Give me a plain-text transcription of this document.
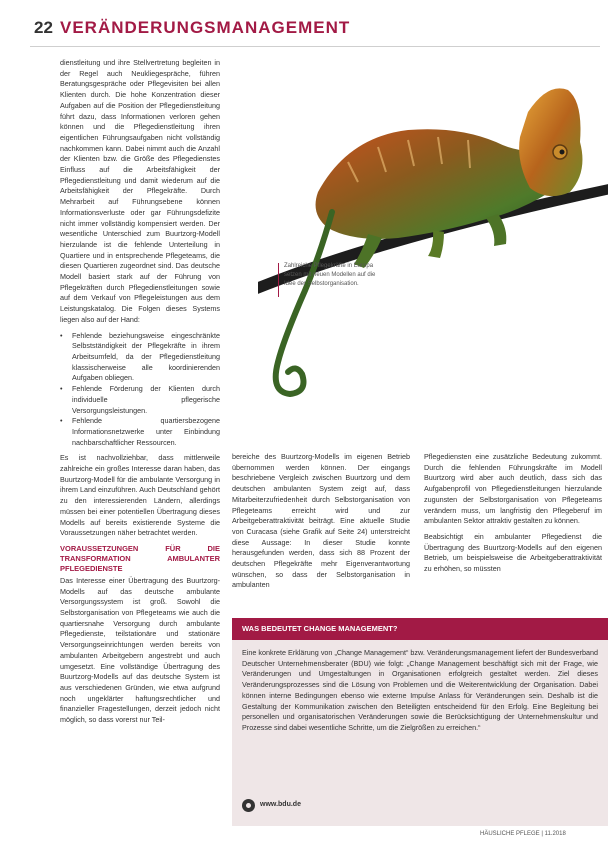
22 VERÄNDERUNGSMANAGEMENT
Zahlreiche Pflegekräfte in Europa setzen mit neuen Modellen auf die Idee der Selbstorganisation.

dienstleitung und ihre Stellvertretung begleiten in der Regel auch Neukliegespräche, führen Beratungsgespräche oder Pflegevisiten bei allen Klienten durch. Die hohe Konzentration dieser Aufgaben auf die Position der Pflegedienstleitung führt dazu, dass Informationen verloren gehen können und die Pflegedienstleitung ihren eigentlichen Führungsaufgaben nicht vollständig nachkommen kann. Dabei nimmt auch die Anzahl der Klienten bzw. die Größe des Pflegedienstes Einfluss auf die Arbeitsfähigkeit der Pflegedienstleitung und damit wiederum auf die Arbeitsfähigkeit der Pflegekräfte. Durch Mehrarbeit auf Führungsebene können Informationsverluste oder gar Führungsdefizite nicht immer vollständig kompensiert werden. Der wesentliche Unterschied zum Buurtzorg-Modell hierzulande ist die fehlende Unterteilung in Quartiere und in entsprechende Pflegeteams, die diesen Quartieren zugeordnet sind. Das deutsche Modell basiert stark auf der Führung von Pflegekräften durch Pflegedienstleitungen sowie auf dem Verkauf von Pflegeleistungen aus dem Leistungskatalog. Die Folgen dieses Systems liegen also auf der Hand:

• Fehlende beziehungsweise eingeschränkte Selbstständigkeit der Pflegekräfte in ihrem Arbeitsumfeld, da der Pflegedienstleitung klassischerweise alle koordinierenden Aufgaben obliegen.
• Fehlende Förderung der Klienten durch individuelle pflegerische Versorgungsleistungen.
• Fehlende quartiersbezogene Informationsnetzwerke unter Einbindung nachbarschaftlicher Ressourcen.

Es ist nachvollziehbar, dass mittlerweile zahlreiche ein großes Interesse daran haben, das Buurtzorg-Modell für die ambulante Versorgung in ihrem Land einzuführen. Auch Deutschland gehört zu den interessierenden Ländern, allerdings müssen bei einer potentiellen Übertragung dieses Modells auf bereits existierende Systeme die Voraussetzungen näher betrachtet werden.

VORAUSSETZUNGEN FÜR DIE TRANSFORMATION AMBULANTER PFLEGEDIENSTE

Das Interesse einer Übertragung des Buurtzorg-Modells auf das deutsche ambulante Versorgungssystem ist groß. Sowohl die Selbstorganisation von Pflegeteams wie auch die quartiersnahe Versorgung durch ambulante Pflegedienste, teilstationäre und stationäre Versorgungseinrichtungen werden bereits von ambulanten Arbeitgebern angestrebt und auch umgesetzt. Eine vollständige Übertragung des Buurtzorg-Modells auf das deutsche System ist aus verschiedenen Gründen, wie etwa aufgrund noch ungeklärter haftungsrechtlicher und finanzieller Fragestellungen, derzeit jedoch nicht möglich, so dass vorerst nur Teil-

bereiche des Buurtzorg-Modells im eigenen Betrieb übernommen werden können. Der eingangs beschriebene Vergleich zwischen Buurtzorg und dem deutschen ambulanten System zeigt auf, dass Mitarbeiterzufriedenheit durch Selbstorganisation von Pflegeteams erreicht wird und zur Arbeitgeberattraktivität beiträgt. Eine aktuelle Studie von Curacasa (siehe Grafik auf Seite 24) unterstreicht diese Aussage: In dieser Studie konnte herausgefunden werden, dass sich 88 Prozent der deutschen Pflegekräfte mehr Eigenverantwortung wünschen, so dass der Selbstorganisation in ambulanten

Pflegediensten eine zusätzliche Bedeutung zukommt. Durch die fehlenden Führungskräfte im Modell Buurtzorg wird aber auch deutlich, dass sich das Aufgabenprofil von Pflegedienstleitungen hierzulande zugunsten der Selbstorganisation von Pflegeteams verändern muss, um langfristig den Pflegeberuf im ambulanten Sektor attraktiv gestalten zu können.

Beabsichtigt ein ambulanter Pflegedienst die Übertragung des Buurtzorg-Modells auf den eigenen Betrieb, um beispielsweise die Arbeitgeberattraktivität zu erhöhen, so müssten

WAS BEDEUTET CHANGE MANAGEMENT?
Eine konkrete Erklärung von „Change Management“ bzw. Veränderungsmanagement liefert der Bundesverband Deutscher Unternehmensberater (BDU) wie folgt: „Change Management beschäftigt sich mit der Frage, wie Veränderungen und Umgestaltungen in Organisationen erfolgreich gestaltet werden. Ziel dieses Veränderungsprozesses sind die Lösung von Problemen und die Weiterentwicklung der Organisation. Dabei können interne Bedingungen ebenso wie externe Impulse Anlass für Veränderungen sein. Deshalb ist die Gestaltung der Kommunikation zwischen den Beteiligten entscheidend für den Erfolg. Eine Begleitung bei personellen und organisatorischen Veränderungen sowie die Berücksichtigung der Unternehmenskultur und Prozesse sind dabei wesentliche Schritte, um die Zielgrößen zu erreichen.“
www.bdu.de
HÄUSLICHE PFLEGE | 11.2018
